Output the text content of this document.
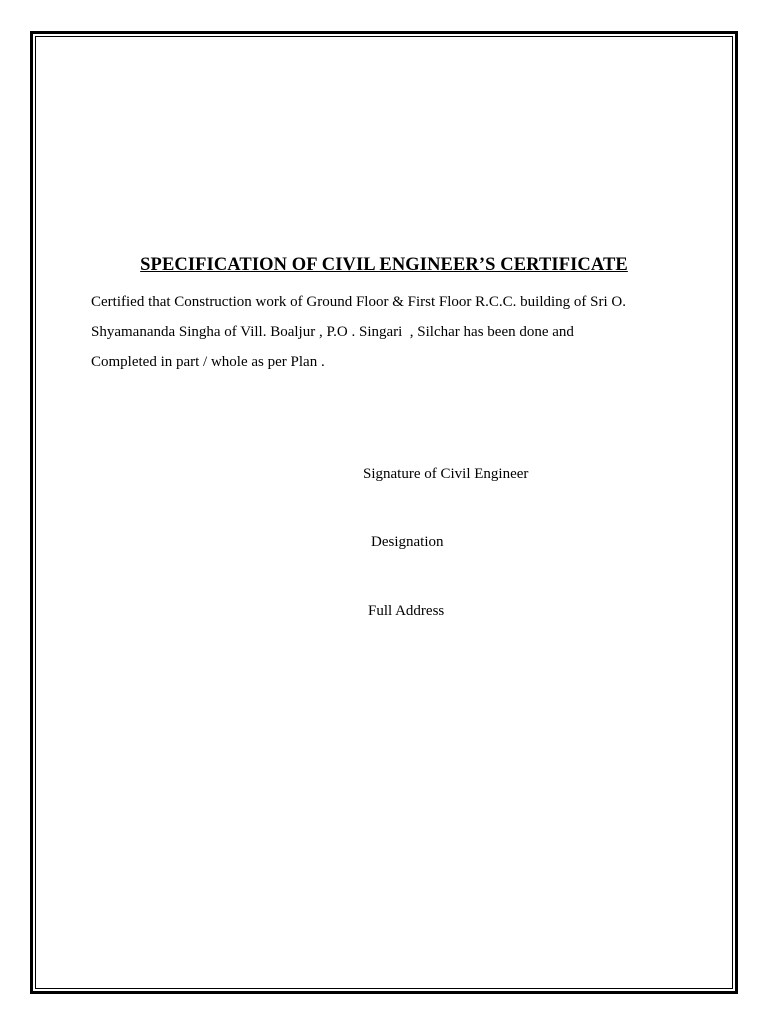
SPECIFICATION OF CIVIL ENGINEER’S CERTIFICATE
Certified that Construction work of Ground Floor & First Floor R.C.C. building of Sri O.
Shyamananda Singha of Vill. Boaljur , P.O . Singari  , Silchar has been done and
Completed in part / whole as per Plan .
Signature of Civil Engineer
Designation
Full Address
